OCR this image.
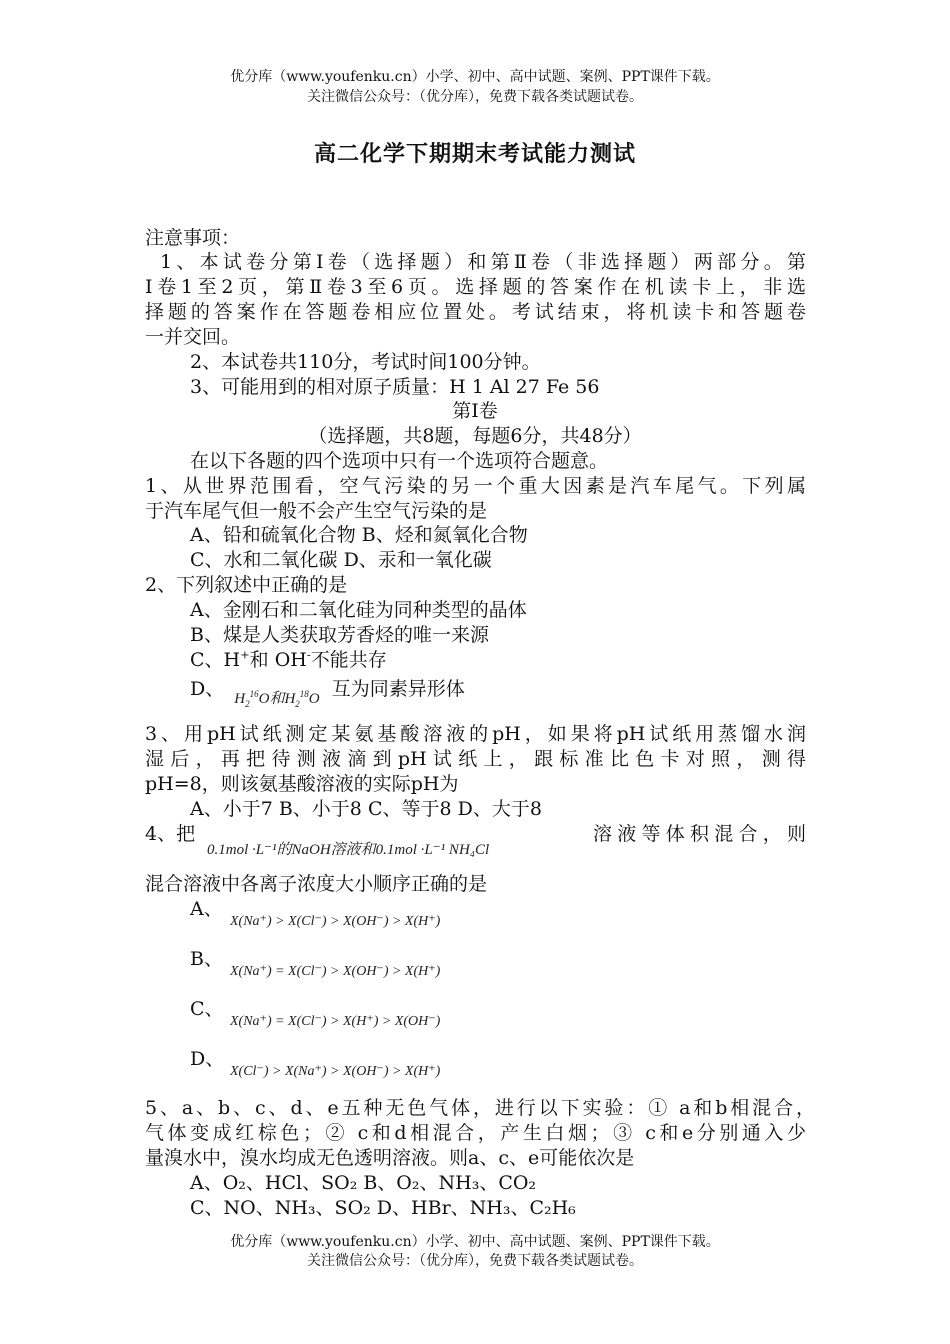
优分库（www.youfenku.cn）小学、初中、高中试题、案例、PPT课件下载。
关注微信公众号：（优分库），免费下载各类试题试卷。
高二化学下期期末考试能力测试
注意事项：
1、本试卷分第Ⅰ卷（选择题）和第Ⅱ卷（非选择题）两部分。第
Ⅰ卷1至2页，第Ⅱ卷3至6页。选择题的答案作在机读卡上，非选
择题的答案作在答题卷相应位置处。考试结束，将机读卡和答题卷
一并交回。
2、本试卷共110分，考试时间100分钟。
3、可能用到的相对原子质量：H 1 Al 27 Fe 56
第Ⅰ卷
（选择题，共8题，每题6分，共48分）
在以下各题的四个选项中只有一个选项符合题意。
1、从世界范围看，空气污染的另一个重大因素是汽车尾气。下列属
于汽车尾气但一般不会产生空气污染的是
A、铅和硫氧化合物 B、烃和氮氧化合物
C、水和二氧化碳 D、汞和一氧化碳
2、下列叙述中正确的是
A、金刚石和二氧化硅为同种类型的晶体
B、煤是人类获取芳香烃的唯一来源
C、H+和 OH-不能共存
D、 $_{H_2^{16}O和H_2^{18}O}$ 互为同素异形体
3、用pH试纸测定某氨基酸溶液的pH，如果将pH试纸用蒸馏水润
湿后，再把待测液滴到pH试纸上，跟标准比色卡对照，测得
pH=8，则该氨基酸溶液的实际pH为
A、小于7 B、小于8 C、等于8 D、大于8
4、把
0.1mol ·L⁻¹的NaOH溶液和0.1mol ·L⁻¹ NH₄Cl
溶液等体积混合，则
混合溶液中各离子浓度大小顺序正确的是
A、
X(Na⁺) > X(Cl⁻) > X(OH⁻) > X(H⁺)
B、
X(Na⁺) = X(Cl⁻) > X(OH⁻) > X(H⁺)
C、
X(Na⁺) = X(Cl⁻) > X(H⁺) > X(OH⁻)
D、
X(Cl⁻) > X(Na⁺) > X(OH⁻) > X(H⁺)
5、a、b、c、d、e五种无色气体，进行以下实验：① a和b相混合，
气体变成红棕色；② c和d相混合，产生白烟；③ c和e分别通入少
量溴水中，溴水均成无色透明溶液。则a、c、e可能依次是
A、O₂、HCl、SO₂ B、O₂、NH₃、CO₂
C、NO、NH₃、SO₂ D、HBr、NH₃、C₂H₆
优分库（www.youfenku.cn）小学、初中、高中试题、案例、PPT课件下载。
关注微信公众号：（优分库），免费下载各类试题试卷。
